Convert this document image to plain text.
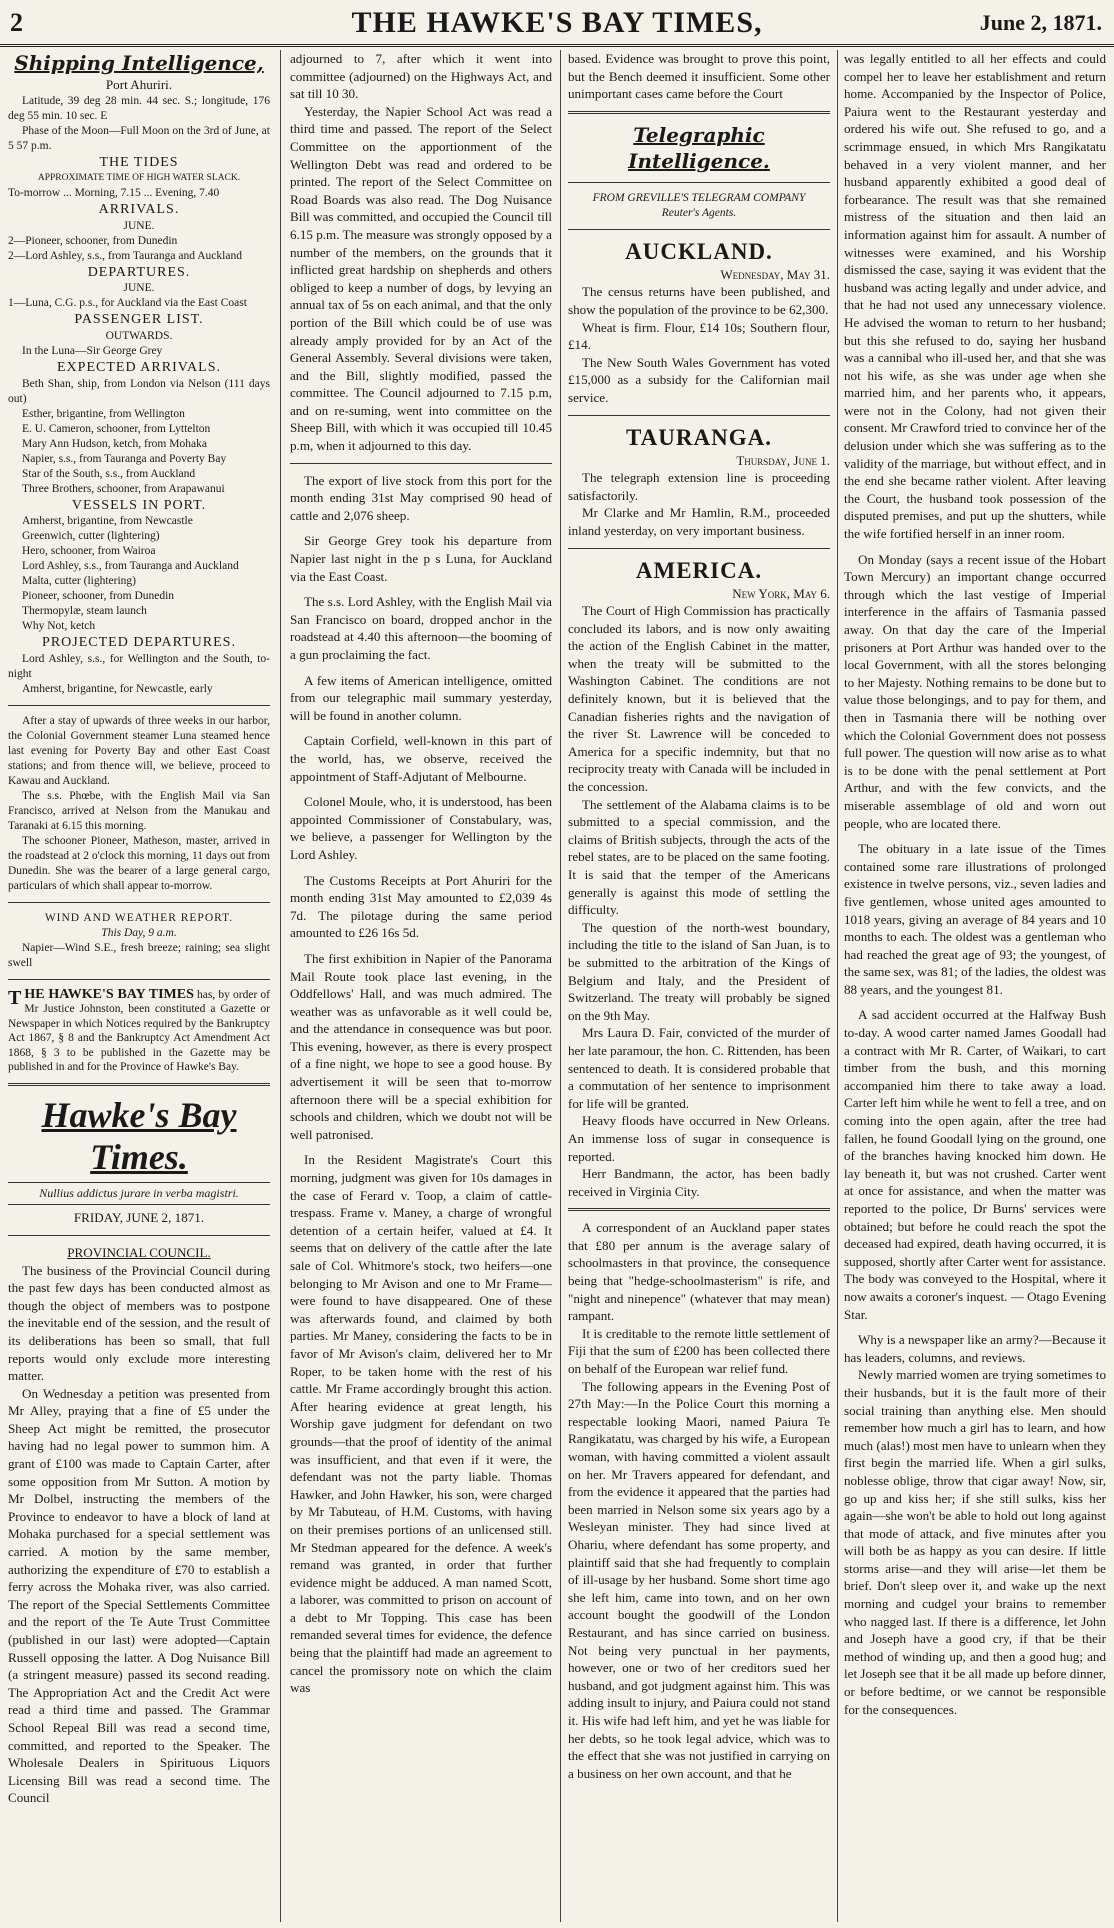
2	THE HAWKE'S BAY TIMES,	June 2, 1871.
Shipping Intelligence,
Port Ahuriri.

Latitude, 39 deg 28 min. 44 sec. S.; longitude, 176 deg 55 min. 10 sec. E

Phase of the Moon—Full Moon on the 3rd of June, at 5 57 p.m.

THE TIDES
APPROXIMATE TIME OF HIGH WATER SLACK.

To-morrow ... Morning, 7.15 ... Evening, 7.40

ARRIVALS.
JUNE.

2—Pioneer, schooner, from Dunedin

2—Lord Ashley, s.s., from Tauranga and Auckland

DEPARTURES.
JUNE.

1—Luna, C.G. p.s., for Auckland via the East Coast

PASSENGER LIST.
OUTWARDS.

In the Luna—Sir George Grey

EXPECTED ARRIVALS.

Beth Shan, ship, from London via Nelson (111 days out)

Esther, brigantine, from Wellington

E. U. Cameron, schooner, from Lyttelton

Mary Ann Hudson, ketch, from Mohaka

Napier, s.s., from Tauranga and Poverty Bay

Star of the South, s.s., from Auckland

Three Brothers, schooner, from Arapawanui

VESSELS IN PORT.

Amherst, brigantine, from Newcastle

Greenwich, cutter (lightering)

Hero, schooner, from Wairoa

Lord Ashley, s.s., from Tauranga and Auckland

Malta, cutter (lightering)

Pioneer, schooner, from Dunedin

Thermopylæ, steam launch

Why Not, ketch

PROJECTED DEPARTURES.

Lord Ashley, s.s., for Wellington and the South, to-night

Amherst, brigantine, for Newcastle, early

After a stay of upwards of three weeks in our harbor, the Colonial Government steamer Luna steamed hence last evening for Poverty Bay and other East Coast stations; and from thence will, we believe, proceed to Kawau and Auckland.

The s.s. Phœbe, with the English Mail via San Francisco, arrived at Nelson from the Manukau and Taranaki at 6.15 this morning.

The schooner Pioneer, Matheson, master, arrived in the roadstead at 2 o'clock this morning, 11 days out from Dunedin. She was the bearer of a large general cargo, particulars of which shall appear to-morrow.

WIND AND WEATHER REPORT.
This Day, 9 a.m.

Napier—Wind S.E., fresh breeze; raining; sea slight swell

T HE HAWKE'S BAY TIMES has, by order of Mr Justice Johnston, been constituted a Gazette or Newspaper in which Notices required by the Bankruptcy Act 1867, § 8 and the Bankruptcy Act Amendment Act 1868, § 3 to be published in the Gazette may be published in and for the Province of Hawke's Bay.
Hawke's Bay Times.
Nullius addictus jurare in verba magistri.
FRIDAY, JUNE 2, 1871.
PROVINCIAL COUNCIL.

The business of the Provincial Council during the past few days has been conducted almost as though the object of members was to postpone the inevitable end of the session, and the result of its deliberations has been so small, that full reports would only exclude more interesting matter.

On Wednesday a petition was presented from Mr Alley, praying that a fine of £5 under the Sheep Act might be remitted, the prosecutor having had no legal power to summon him. A grant of £100 was made to Captain Carter, after some opposition from Mr Sutton. A motion by Mr Dolbel, instructing the members of the Province to endeavor to have a block of land at Mohaka purchased for a special settlement was carried. A motion by the same member, authorizing the expenditure of £70 to establish a ferry across the Mohaka river, was also carried. The report of the Special Settlements Committee and the report of the Te Aute Trust Committee (published in our last) were adopted—Captain Russell opposing the latter. A Dog Nuisance Bill (a stringent measure) passed its second reading. The Appropriation Act and the Credit Act were read a third time and passed. The Grammar School Repeal Bill was read a second time, committed, and reported to the Speaker. The Wholesale Dealers in Spirituous Liquors Licensing Bill was read a second time. The Council

adjourned to 7, after which it went into committee (adjourned) on the Highways Act, and sat till 10 30.

Yesterday, the Napier School Act was read a third time and passed. The report of the Select Committee on the apportionment of the Wellington Debt was read and ordered to be printed. The report of the Select Committee on Road Boards was also read. The Dog Nuisance Bill was committed, and occupied the Council till 6.15 p.m. The measure was strongly opposed by a number of the members, on the grounds that it inflicted great hardship on shepherds and others obliged to keep a number of dogs, by levying an annual tax of 5s on each animal, and that the only portion of the Bill which could be of use was already amply provided for by an Act of the General Assembly. Several divisions were taken, and the Bill, slightly modified, passed the committee. The Council adjourned to 7.15 p.m, and on re-suming, went into committee on the Sheep Bill, with which it was occupied till 10.45 p.m, when it adjourned to this day.

The export of live stock from this port for the month ending 31st May comprised 90 head of cattle and 2,076 sheep.

Sir George Grey took his departure from Napier last night in the p s Luna, for Auckland via the East Coast.

The s.s. Lord Ashley, with the English Mail via San Francisco on board, dropped anchor in the roadstead at 4.40 this afternoon—the booming of a gun proclaiming the fact.

A few items of American intelligence, omitted from our telegraphic mail summary yesterday, will be found in another column.

Captain Corfield, well-known in this part of the world, has, we observe, received the appointment of Staff-Adjutant of Melbourne.

Colonel Moule, who, it is understood, has been appointed Commissioner of Constabulary, was, we believe, a passenger for Wellington by the Lord Ashley.

The Customs Receipts at Port Ahuriri for the month ending 31st May amounted to £2,039 4s 7d. The pilotage during the same period amounted to £26 16s 5d.

The first exhibition in Napier of the Panorama Mail Route took place last evening, in the Oddfellows' Hall, and was much admired. The weather was as unfavorable as it well could be, and the attendance in consequence was but poor. This evening, however, as there is every prospect of a fine night, we hope to see a good house. By advertisement it will be seen that to-morrow afternoon there will be a special exhibition for schools and children, which we doubt not will be well patronised.

In the Resident Magistrate's Court this morning, judgment was given for 10s damages in the case of Ferard v. Toop, a claim of cattle-trespass. Frame v. Maney, a charge of wrongful detention of a certain heifer, valued at £4. It seems that on delivery of the cattle after the late sale of Col. Whitmore's stock, two heifers—one belonging to Mr Avison and one to Mr Frame—were found to have disappeared. One of these was afterwards found, and claimed by both parties. Mr Maney, considering the facts to be in favor of Mr Avison's claim, delivered her to Mr Roper, to be taken home with the rest of his cattle. Mr Frame accordingly brought this action. After hearing evidence at great length, his Worship gave judgment for defendant on two grounds—that the proof of identity of the animal was insufficient, and that even if it were, the defendant was not the party liable. Thomas Hawker, and John Hawker, his son, were charged by Mr Tabuteau, of H.M. Customs, with having on their premises portions of an unlicensed still. Mr Stedman appeared for the defence. A week's remand was granted, in order that further evidence might be adduced. A man named Scott, a laborer, was committed to prison on account of a debt to Mr Topping. This case has been remanded several times for evidence, the defence being that the plaintiff had made an agreement to cancel the promissory note on which the claim was

based. Evidence was brought to prove this point, but the Bench deemed it insufficient. Some other unimportant cases came before the Court

Telegraphic Intelligence.
FROM GREVILLE'S TELEGRAM COMPANY
Reuter's Agents.
AUCKLAND.
Wednesday, May 31.

The census returns have been published, and show the population of the province to be 62,300.

Wheat is firm. Flour, £14 10s; Southern flour, £14.

The New South Wales Government has voted £15,000 as a subsidy for the Californian mail service.

TAURANGA.
Thursday, June 1.

The telegraph extension line is proceeding satisfactorily.

Mr Clarke and Mr Hamlin, R.M., proceeded inland yesterday, on very important business.

AMERICA.
New York, May 6.

The Court of High Commission has practically concluded its labors, and is now only awaiting the action of the English Cabinet in the matter, when the treaty will be submitted to the Washington Cabinet. The conditions are not definitely known, but it is believed that the Canadian fisheries rights and the navigation of the river St. Lawrence will be conceded to America for a specific indemnity, but that no reciprocity treaty with Canada will be included in the concession.

The settlement of the Alabama claims is to be submitted to a special commission, and the claims of British subjects, through the acts of the rebel states, are to be placed on the same footing. It is said that the temper of the Americans generally is against this mode of settling the difficulty.

The question of the north-west boundary, including the title to the island of San Juan, is to be submitted to the arbitration of the Kings of Belgium and Italy, and the President of Switzerland. The treaty will probably be signed on the 9th May.

Mrs Laura D. Fair, convicted of the murder of her late paramour, the hon. C. Rittenden, has been sentenced to death. It is considered probable that a commutation of her sentence to imprisonment for life will be granted.

Heavy floods have occurred in New Orleans. An immense loss of sugar in consequence is reported.

Herr Bandmann, the actor, has been badly received in Virginia City.

A correspondent of an Auckland paper states that £80 per annum is the average salary of schoolmasters in that province, the consequence being that "hedge-schoolmasterism" is rife, and "night and ninepence" (whatever that may mean) rampant.

It is creditable to the remote little settlement of Fiji that the sum of £200 has been collected there on behalf of the European war relief fund.

The following appears in the Evening Post of 27th May:—In the Police Court this morning a respectable looking Maori, named Paiura Te Rangikatatu, was charged by his wife, a European woman, with having committed a violent assault on her. Mr Travers appeared for defendant, and from the evidence it appeared that the parties had been married in Nelson some six years ago by a Wesleyan minister. They had since lived at Ohariu, where defendant has some property, and plaintiff said that she had frequently to complain of ill-usage by her husband. Some short time ago she left him, came into town, and on her own account bought the goodwill of the London Restaurant, and has since carried on business. Not being very punctual in her payments, however, one or two of her creditors sued her husband, and got judgment against him. This was adding insult to injury, and Paiura could not stand it. His wife had left him, and yet he was liable for her debts, so he took legal advice, which was to the effect that she was not justified in carrying on a business on her own account, and that he

was legally entitled to all her effects and could compel her to leave her establishment and return home. Accompanied by the Inspector of Police, Paiura went to the Restaurant yesterday and ordered his wife out. She refused to go, and a scrimmage ensued, in which Mrs Rangikatatu behaved in a very violent manner, and her husband apparently exhibited a good deal of forbearance. The result was that she remained mistress of the situation and then laid an information against him for assault. A number of witnesses were examined, and his Worship dismissed the case, saying it was evident that the husband was acting legally and under advice, and that he had not used any unnecessary violence. He advised the woman to return to her husband; but this she refused to do, saying her husband was a cannibal who ill-used her, and that she was not his wife, as she was under age when she married him, and her parents who, it appears, were not in the Colony, had not given their consent. Mr Crawford tried to convince her of the delusion under which she was suffering as to the validity of the marriage, but without effect, and in the end she became rather violent. After leaving the Court, the husband took possession of the disputed premises, and put up the shutters, while the wife fortified herself in an inner room.

On Monday (says a recent issue of the Hobart Town Mercury) an important change occurred through which the last vestige of Imperial interference in the affairs of Tasmania passed away. On that day the care of the Imperial prisoners at Port Arthur was handed over to the local Government, with all the stores belonging to her Majesty. Nothing remains to be done but to value those belongings, and to pay for them, and then in Tasmania there will be nothing over which the Colonial Government does not possess full power. The question will now arise as to what is to be done with the penal settlement at Port Arthur, and with the few convicts, and the miserable assemblage of old and worn out people, who are located there.

The obituary in a late issue of the Times contained some rare illustrations of prolonged existence in twelve persons, viz., seven ladies and five gentlemen, whose united ages amounted to 1018 years, giving an average of 84 years and 10 months to each. The oldest was a gentleman who had reached the great age of 93; the youngest, of the same sex, was 81; of the ladies, the oldest was 88 years, and the youngest 81.

A sad accident occurred at the Halfway Bush to-day. A wood carter named James Goodall had a contract with Mr R. Carter, of Waikari, to cart timber from the bush, and this morning accompanied him there to take away a load. Carter left him while he went to fell a tree, and on coming into the open again, after the tree had fallen, he found Goodall lying on the ground, one of the branches having knocked him down. He lay beneath it, but was not crushed. Carter went at once for assistance, and when the matter was reported to the police, Dr Burns' services were obtained; but before he could reach the spot the deceased had expired, death having occurred, it is supposed, shortly after Carter went for assistance. The body was conveyed to the Hospital, where it now awaits a coroner's inquest. — Otago Evening Star.

Why is a newspaper like an army?—Because it has leaders, columns, and reviews.

Newly married women are trying sometimes to their husbands, but it is the fault more of their social training than anything else. Men should remember how much a girl has to learn, and how much (alas!) most men have to unlearn when they first begin the married life. When a girl sulks, noblesse oblige, throw that cigar away! Now, sir, go up and kiss her; if she still sulks, kiss her again—she won't be able to hold out long against that mode of attack, and five minutes after you will both be as happy as you can desire. If little storms arise—and they will arise—let them be brief. Don't sleep over it, and wake up the next morning and cudgel your brains to remember who nagged last. If there is a difference, let John and Joseph have a good cry, if that be their method of winding up, and then a good hug; and let Joseph see that it be all made up before dinner, or before bedtime, or we cannot be responsible for the consequences.
